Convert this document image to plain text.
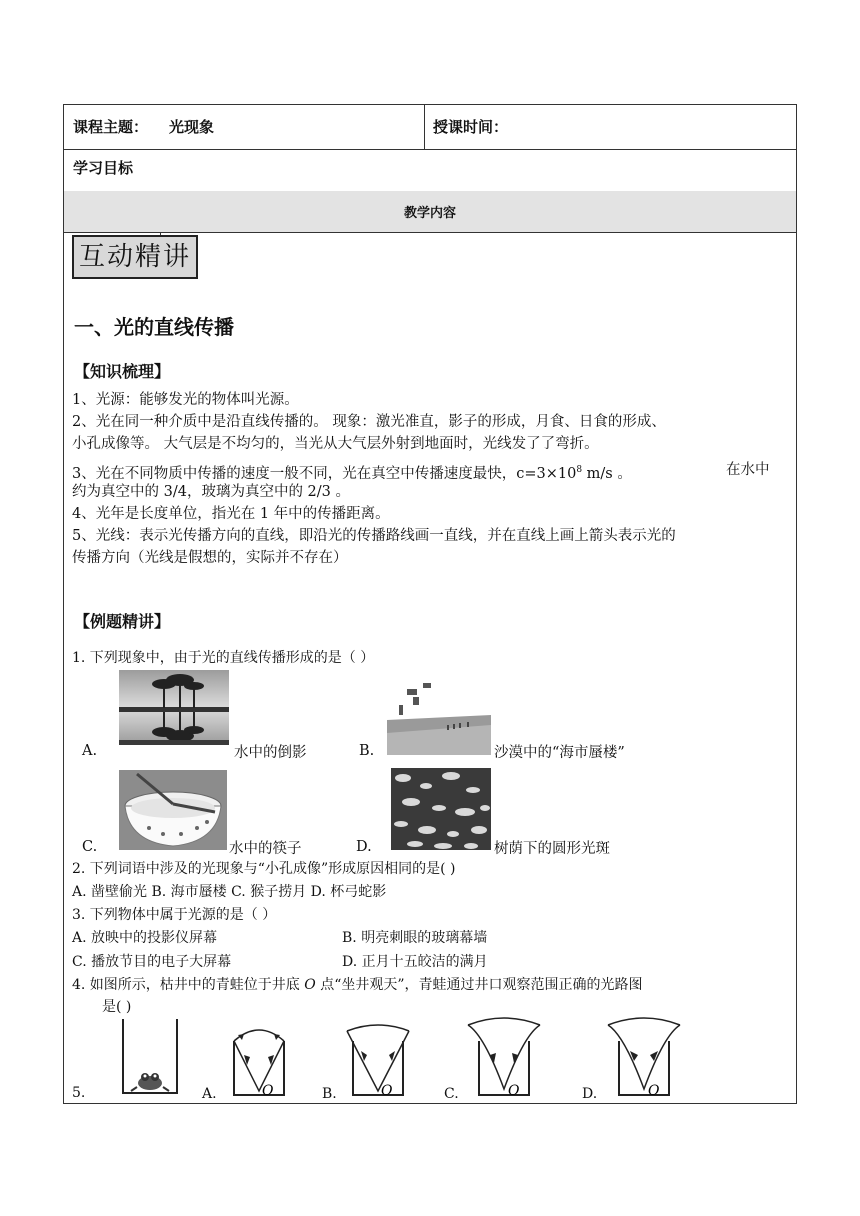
课程主题： 光现象	授课时间：
学习目标
教学内容
互动精讲
一、光的直线传播
【知识梳理】
1、光源：能够发光的物体叫光源。
2、光在同一种介质中是沿直线传播的。 现象：激光准直，影子的形成，月食、日食的形成、
小孔成像等。 大气层是不均匀的，当光从大气层外射到地面时，光线发了了弯折。
3、光在不同物质中传播的速度一般不同，光在真空中传播速度最快，$c=3\times 10^8$ m/s 。	在水中
约为真空中的 3/4，玻璃为真空中的 2/3 。
4、光年是长度单位，指光在 1 年中的传播距离。
5、光线：表示光传播方向的直线，即沿光的传播路线画一直线，并在直线上画上箭头表示光的
传播方向（光线是假想的，实际并不存在）
【例题精讲】
1. 下列现象中，由于光的直线传播形成的是（ ）
A.	水中的倒影	B.	沙漠中的“海市蜃楼”
C.	水中的筷子	D.	树荫下的圆形光斑
2. 下列词语中涉及的光现象与“小孔成像”形成原因相同的是( )
A. 凿壁偷光 B. 海市蜃楼 C. 猴子捞月 D. 杯弓蛇影
3. 下列物体中属于光源的是（ ）
A. 放映中的投影仪屏幕	B. 明亮刺眼的玻璃幕墙
C. 播放节目的电子大屏幕	D. 正月十五皎洁的满月
4. 如图所示，枯井中的青蛙位于井底 O 点“坐井观天”，青蛙通过井口观察范围正确的光路图
是( )
5.	A.	O	B.	O	C.	O	D.	O
